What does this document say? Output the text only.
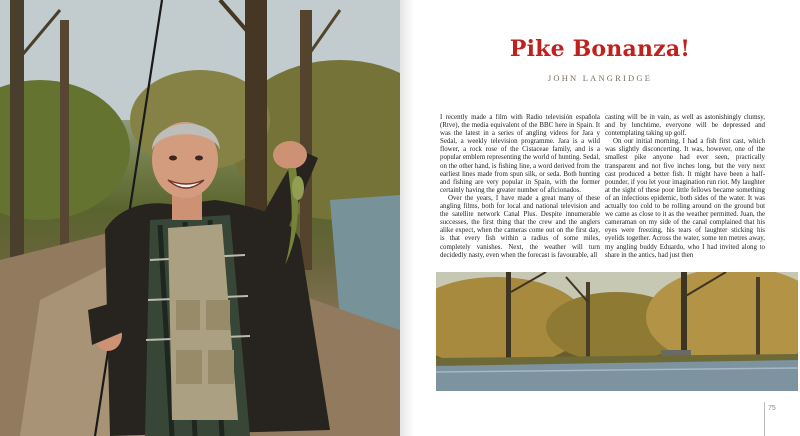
Pike Bonanza!
JOHN LANGRIDGE

I recently made a film with Radio televisión española (Rtve), the media equivalent of the BBC here in Spain. It was the latest in a series of angling videos for Jara y Sedal, a weekly television programme. Jara is a wild flower, a rock rose of the Cistaceae family, and is a popular emblem representing the world of hunting. Sedal, on the other hand, is fishing line, a word derived from the earliest lines made from spun silk, or seda. Both hunting and fishing are very popular in Spain, with the former certainly having the greater number of aficionados.

Over the years, I have made a great many of these angling films, both for local and national television and the satellite network Canal Plus. Despite innumerable successes, the first thing that the crew and the anglers alike expect, when the cameras come out on the first day, is that every fish within a radius of some miles, completely vanishes. Next, the weather will turn decidedly nasty, even when the forecast is favourable, all

casting will be in vain, as well as astonishingly clumsy, and by lunchtime, everyone will be depressed and contemplating taking up golf.

On our initial morning, I had a fish first cast, which was slightly disconcerting. It was, however, one of the smallest pike anyone had ever seen, practically transparent and not five inches long, but the very next cast produced a better fish. It might have been a half-pounder, if you let your imagination run riot. My laughter at the sight of these poor little fellows became something of an infectious epidemic, both sides of the water. It was actually too cold to be rolling around on the ground but we came as close to it as the weather permitted. Juan, the cameraman on my side of the canal complained that his eyes were freezing, his tears of laughter sticking his eyelids together. Across the water, some ten metres away, my angling buddy Eduardo, who I had invited along to share in the antics, had just then

75
